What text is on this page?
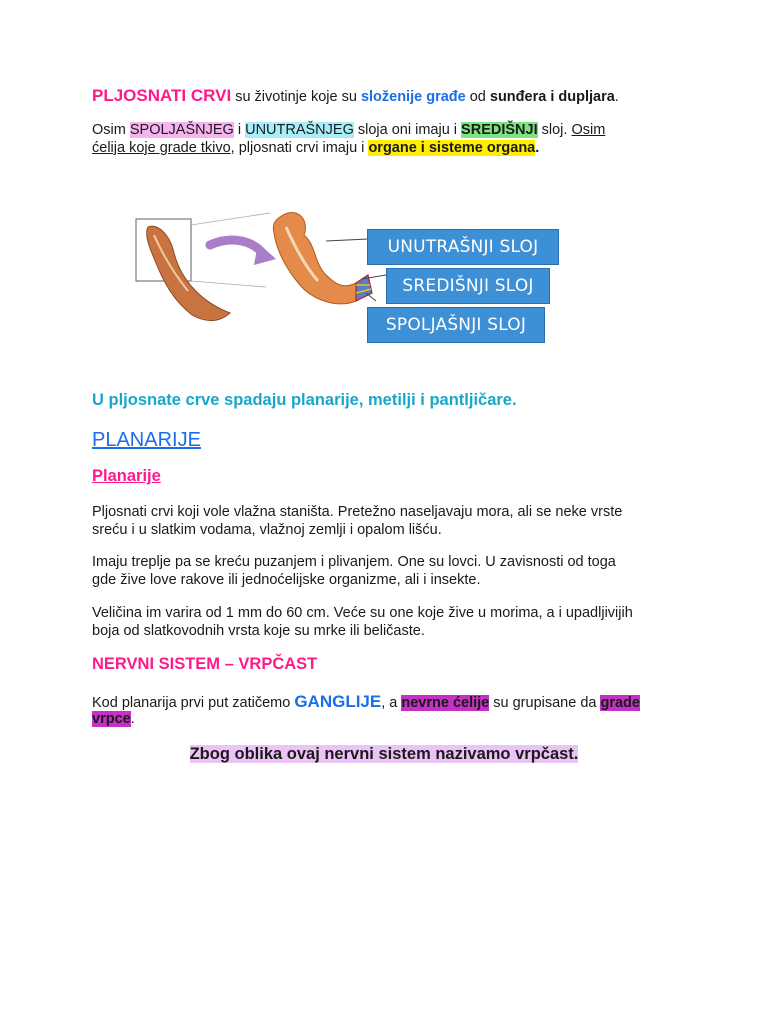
PLJOSNATI CRVI su životinje koje su složenije građe od sunđera i dupljara.

Osim SPOLJAŠNJEG i UNUTRAŠNJEG sloja oni imaju i SREDIŠNJI sloj. Osim

ćelija koje grade tkivo, pljosnati crvi imaju i organe i sisteme organa.

UNUTRAŠNJI SLOJ
SREDIŠNJI SLOJ
SPOLJAŠNJI SLOJ

U pljosnate crve spadaju planarije, metilji i pantljičare.

PLANARIJE

Planarije

Pljosnati crvi koji vole vlažna staništa. Pretežno naseljavaju mora, ali se neke vrste

sreću i u slatkim vodama, vlažnoj zemlji i opalom lišću.

Imaju treplje pa se kreću puzanjem i plivanjem. One su lovci. U zavisnosti od toga

gde žive love rakove ili jednoćelijske organizme, ali i insekte.

Veličina im varira od 1 mm do 60 cm. Veće su one koje žive u morima, a i upadljivijih

boja od slatkovodnih vrsta koje su mrke ili beličaste.

NERVNI SISTEM – VRPČAST

Kod planarija prvi put zatičemo GANGLIJE, a nevrne ćelije su grupisane da grade

vrpce.

Zbog oblika ovaj nervni sistem nazivamo vrpčast.
